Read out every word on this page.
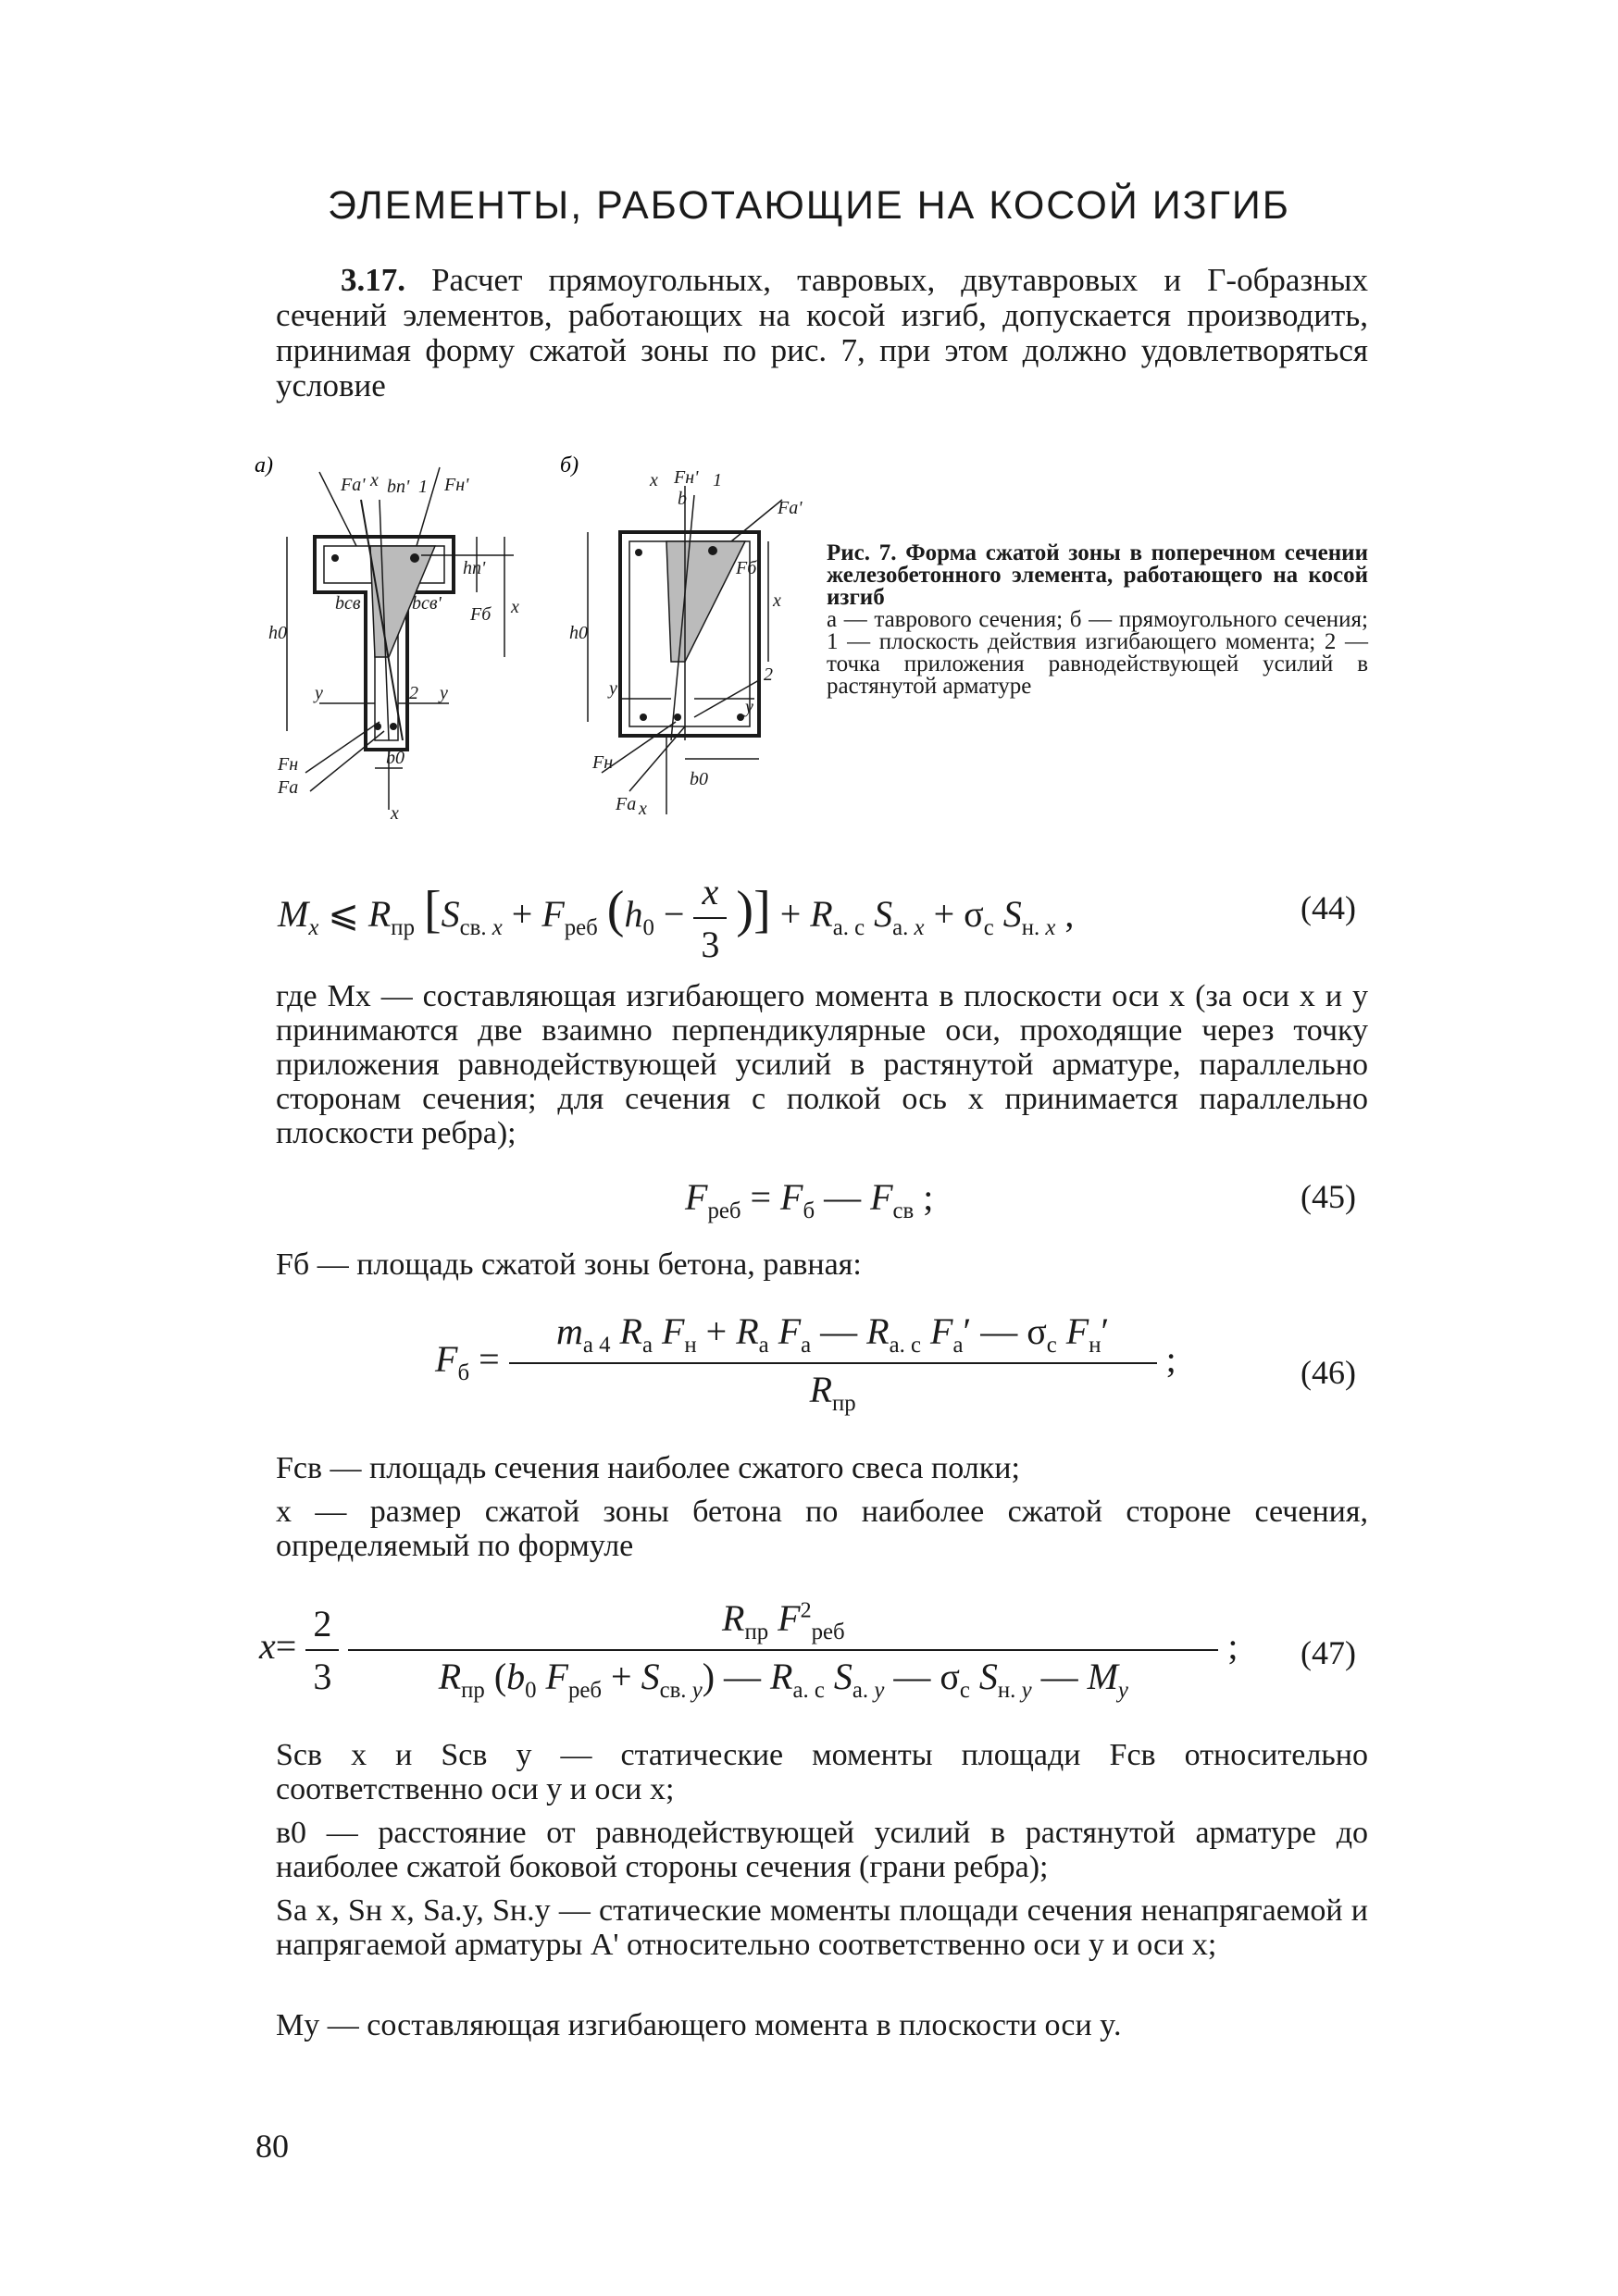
ЭЛЕМЕНТЫ, РАБОТАЮЩИЕ НА КОСОЙ ИЗГИБ
3.17. Расчет прямоугольных, тавровых, двутавровых и Г-образных сечений элементов, работающих на косой изгиб, допускается производить, принимая форму сжатой зоны по рис. 7, при этом должно удовлетворяться условие
а)
Fа' x bп' 1 Fн'
hп'
h0
bсв	bсв'
Fб x
y	2 y
Fн
Fа
b0
x
б)
x Fн'
b
1
Fа'
Fб
h0
x
y
2
y
Fн
Fа
b0
x
Рис. 7. Форма сжатой зоны в поперечном сечении железобетонного элемента, работающего на косой изгиб
а — таврового сечения; б — прямоугольного сечения; 1 — плоскость действия изгибающего момента; 2 — точка приложения равнодействующей усилий в растянутой арматуре
$M_x$ ⩽ $R_{пр}$ [$S_{св. x} + F_{реб}$ ($h_0 - \frac{x}{3}$ )] + $R_{а. с}$ $S_{а. x} + \sigma_с$ $S_{н. x}$ ,	(44)
где Mx — составляющая изгибающего момента в плоскости оси x (за оси x и y принимаются две взаимно перпендикулярные оси, проходящие через точку приложения равнодействующей усилий в растянутой арматуре, параллельно сторонам сечения; для сечения с полкой ось x принимается параллельно плоскости ребра);
$F_{реб} = F_б$ — $F_{св}$ ;	(45)
Fб — площадь сжатой зоны бетона, равная:
$F_б = \frac{m_{а 4} R_а F_н + R_а F_а — R_{а. с} F_а' — \sigma_с F_н'}{R_{пр}}$ ;	(46)
Fсв — площадь сечения наиболее сжатого свеса полки;
x — размер сжатой зоны бетона по наиболее сжатой стороне сечения, определяемый по формуле
$x= \frac{2}{3}$
$\frac{R_{пр} F^2_{реб}}{R_{пр} (b_0 F_{реб} + S_{св. y}) — R_{а. с} S_{а. y} — \sigma_с S_{н. y} — M_y}$ ; (47)
Sсв x и Sсв y — статические моменты площади Fсв относительно соответственно оси y и оси x;
в0 — расстояние от равнодействующей усилий в растянутой арматуре до наиболее сжатой боковой стороны сечения (грани ребра);
Sа x, Sн x, Sа.y, Sн.y — статические моменты площади сечения ненапрягаемой и напрягаемой арматуры A' относительно соответственно оси y и оси x;
My — составляющая изгибающего момента в плоскости оси y.
80
